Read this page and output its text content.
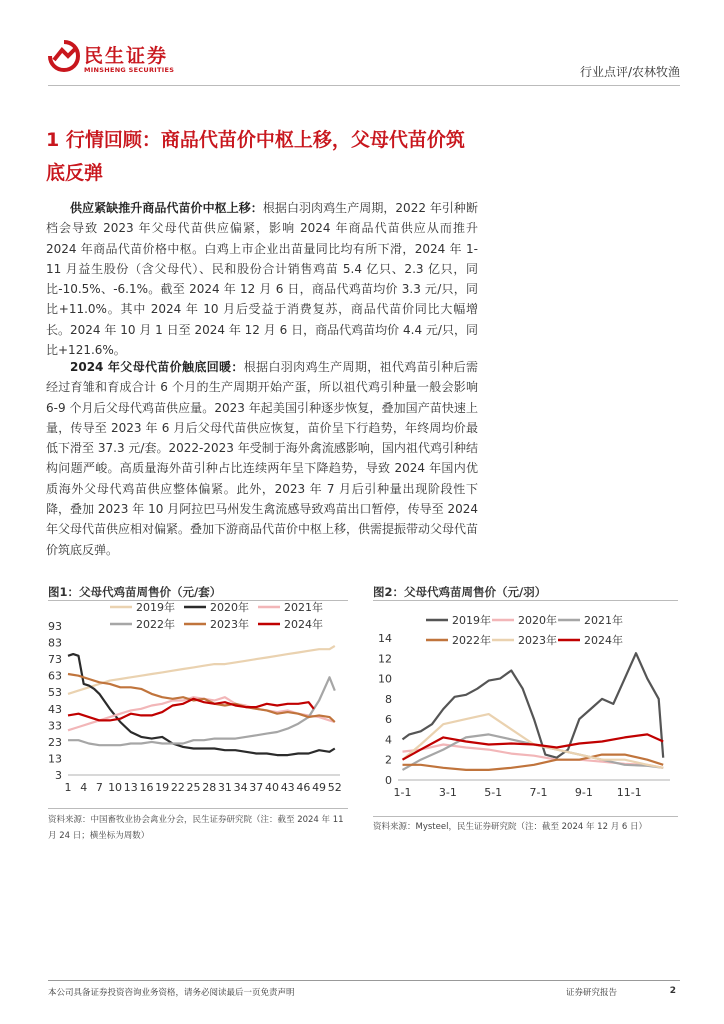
民生证券
MINSHENG SECURITIES	行业点评/农林牧渔
1 行情回顾：商品代苗价中枢上移，父母代苗价筑底反弹

供应紧缺推升商品代苗价中枢上移：根据白羽肉鸡生产周期，2022 年引种断档会导致 2023 年父母代苗供应偏紧，影响 2024 年商品代苗供应从而推升 2024 年商品代苗价格中枢。白鸡上市企业出苗量同比均有所下滑，2024 年 1-11 月益生股份（含父母代）、民和股份合计销售鸡苗 5.4 亿只、2.3 亿只，同比-10.5%、-6.1%。截至 2024 年 12 月 6 日，商品代鸡苗均价 3.3 元/只，同比+11.0%。其中 2024 年 10 月后受益于消费复苏，商品代苗价同比大幅增长。2024 年 10 月 1 日至 2024 年 12 月 6 日，商品代鸡苗均价 4.4 元/只，同比+121.6%。

2024 年父母代苗价触底回暖：根据白羽肉鸡生产周期，祖代鸡苗引种后需经过育雏和育成合计 6 个月的生产周期开始产蛋，所以祖代鸡引种量一般会影响 6-9 个月后父母代鸡苗供应量。2023 年起美国引种逐步恢复，叠加国产苗快速上量，传导至 2023 年 6 月后父母代苗供应恢复，苗价呈下行趋势，年终周均价最低下滑至 37.3 元/套。2022-2023 年受制于海外禽流感影响，国内祖代鸡引种结构问题严峻。高质量海外苗引种占比连续两年呈下降趋势，导致 2024 年国内优质海外父母代鸡苗供应整体偏紧。此外，2023 年 7 月后引种量出现阶段性下降，叠加 2023 年 10 月阿拉巴马州发生禽流感导致鸡苗出口暂停，传导至 2024 年父母代苗供应相对偏紧。叠加下游商品代苗价中枢上移，供需提振带动父母代苗价筑底反弹。

图1：父母代鸡苗周售价（元/套）
2019年	2020年	2021年
2022年	2023年	2024年
3
13
23
33
43
53
63
73
83
93
1 4 7 10 13 16 19 22 25 28 31 34 37 40 43 46 49 52
资料来源：中国畜牧业协会禽业分会，民生证券研究院（注：截至 2024 年 11 月 24 日；横坐标为周数）
图2：父母代鸡苗周售价（元/羽）
2019年 2020年 2021年
2022年 2023年 2024年
0
2
4
6
8
10
12
14
1-1 3-1 5-1 7-1 9-1 11-1
资料来源：Mysteel，民生证券研究院（注：截至 2024 年 12 月 6 日）
本公司具备证券投资咨询业务资格，请务必阅读最后一页免责声明	证券研究报告	2
